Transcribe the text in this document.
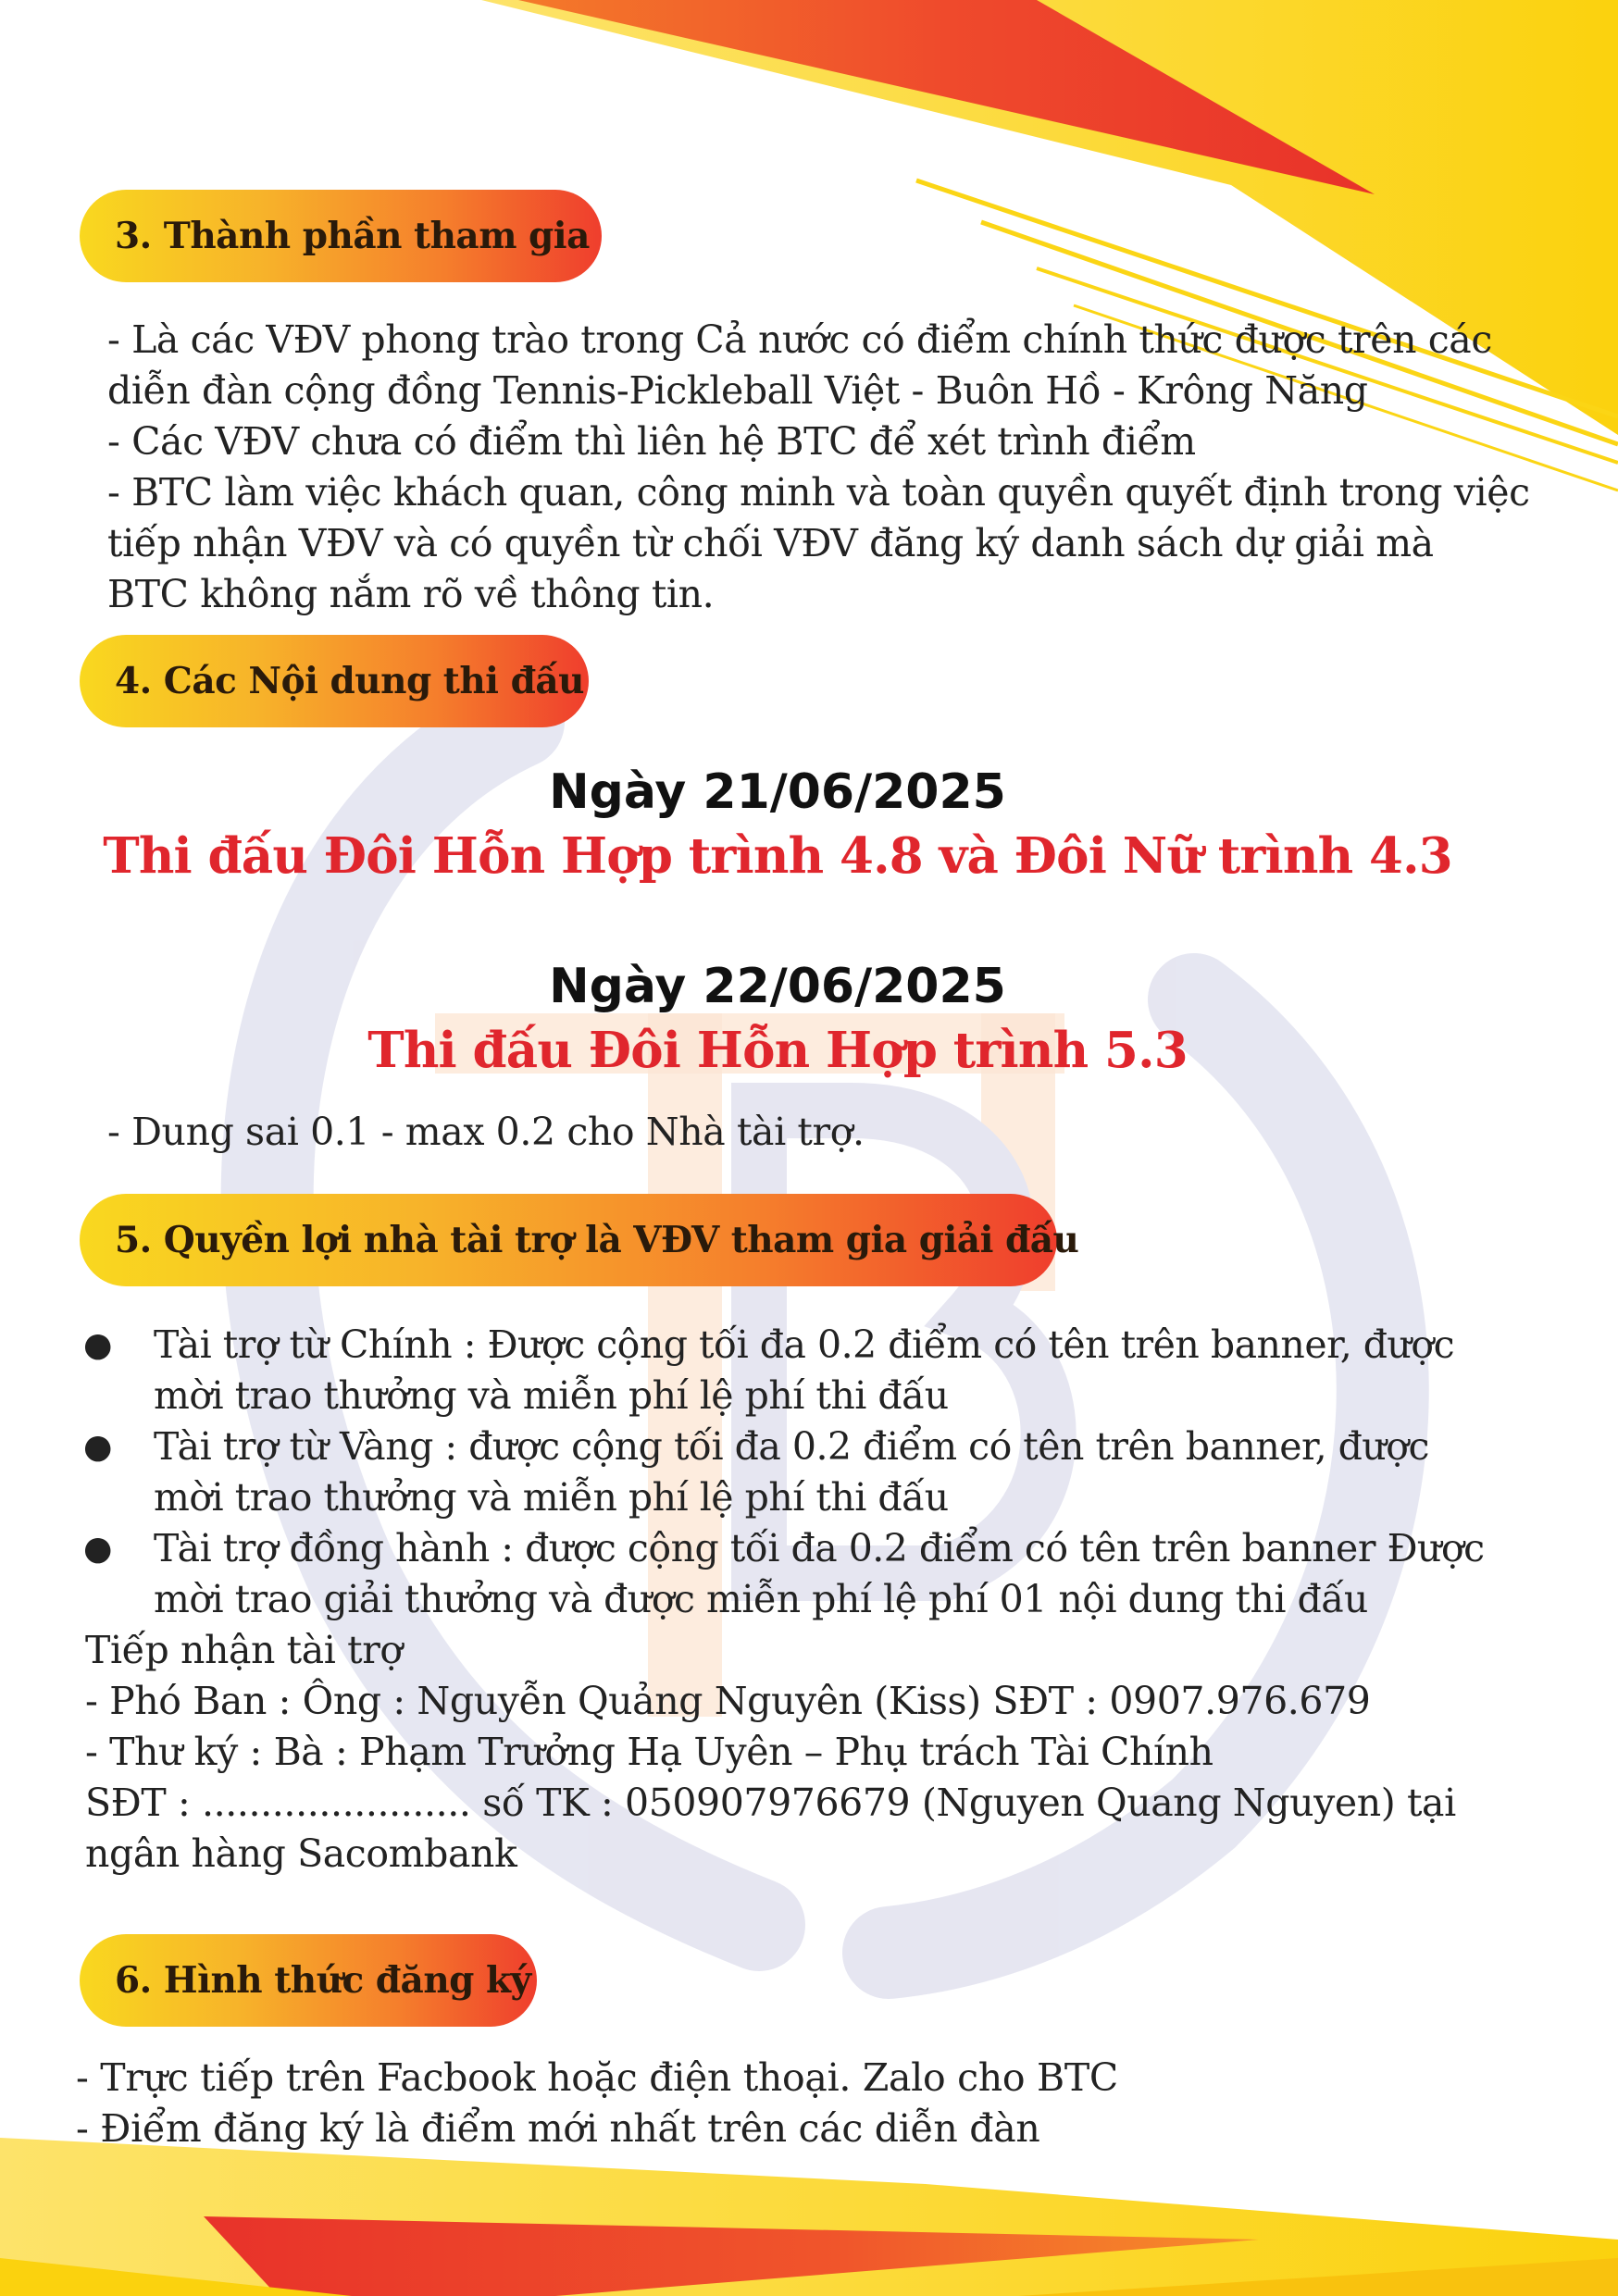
3. Thành phần tham gia

- Là các VĐV phong trào trong Cả nước có điểm chính thức được trên các

diễn đàn cộng đồng Tennis-Pickleball Việt - Buôn Hồ - Krông Năng

- Các VĐV chưa có điểm thì liên hệ BTC để xét trình điểm

- BTC làm việc khách quan, công minh và toàn quyền quyết định trong việc

tiếp nhận VĐV và có quyền từ chối VĐV đăng ký danh sách dự giải mà

BTC không nắm rõ về thông tin.

4. Các Nội dung thi đấu
Ngày 21/06/2025
Thi đấu Đôi Hỗn Hợp trình 4.8 và Đôi Nữ trình 4.3
Ngày 22/06/2025
Thi đấu Đôi Hỗn Hợp trình 5.3

- Dung sai 0.1 - max 0.2 cho Nhà tài trợ.

5. Quyền lợi nhà tài trợ là VĐV tham gia giải đấu
● Tài trợ từ Chính : Được cộng tối đa 0.2 điểm có tên trên banner, được

mời trao thưởng và miễn phí lệ phí thi đấu

● Tài trợ từ Vàng : được cộng tối đa 0.2 điểm có tên trên banner, được

mời trao thưởng và miễn phí lệ phí thi đấu

● Tài trợ đồng hành : được cộng tối đa 0.2 điểm có tên trên banner Được

mời trao giải thưởng và được miễn phí lệ phí 01 nội dung thi đấu

Tiếp nhận tài trợ

- Phó Ban : Ông : Nguyễn Quảng Nguyên (Kiss) SĐT : 0907.976.679

- Thư ký : Bà : Phạm Trưởng Hạ Uyên – Phụ trách Tài Chính

SĐT : ....................... số TK : 050907976679 (Nguyen Quang Nguyen) tại

ngân hàng Sacombank

6. Hình thức đăng ký

- Trực tiếp trên Facbook hoặc điện thoại. Zalo cho BTC

- Điểm đăng ký là điểm mới nhất trên các diễn đàn
